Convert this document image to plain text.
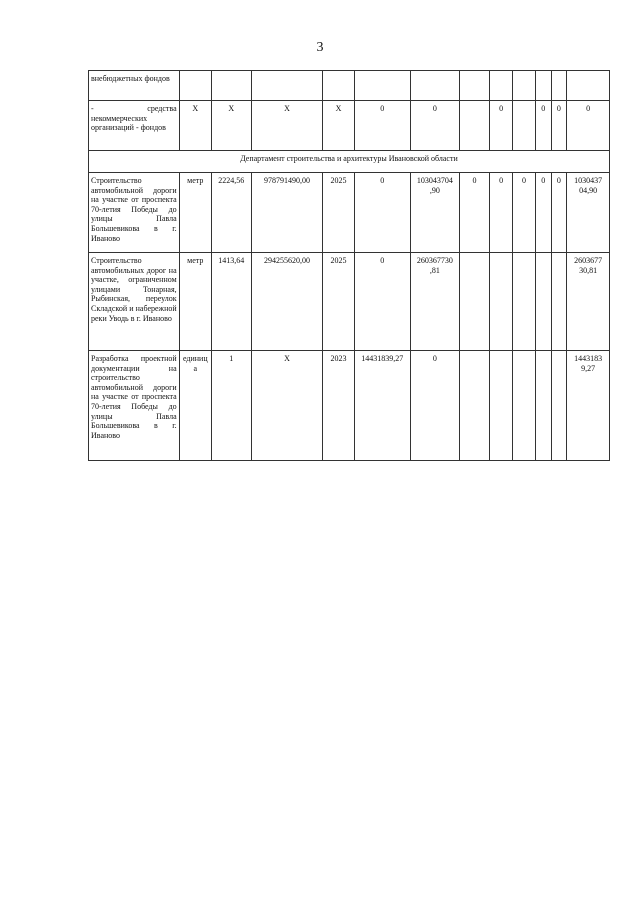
3
внебюджетных фондов												
- средства некоммерческих организаций - фондов	Х	Х	Х	Х	0	0		0		0	0	0
Департамент строительства и архитектуры Ивановской области												
Строительство автомобильной дороги на участке от проспекта 70-летия Победы до улицы Павла Большевикова в г. Иваново	метр	2224,56	978791490,00	2025	0	103043704 ,90	0	0	0	0	0	1030437 04,90
Строительство автомобильных дорог на участке, ограниченном улицами Тонарная, Рыбинская, переулок Складской и набережной реки Уводь в г. Иваново	метр	1413,64	294255620,00	2025	0	260367730 ,81						2603677 30,81
Разработка проектной документации на строительство автомобильной дороги на участке от проспекта 70-летия Победы до улицы Павла Большевикова в г. Иваново	единица	1	Х	2023	14431839,27	0						1443183 9,27
